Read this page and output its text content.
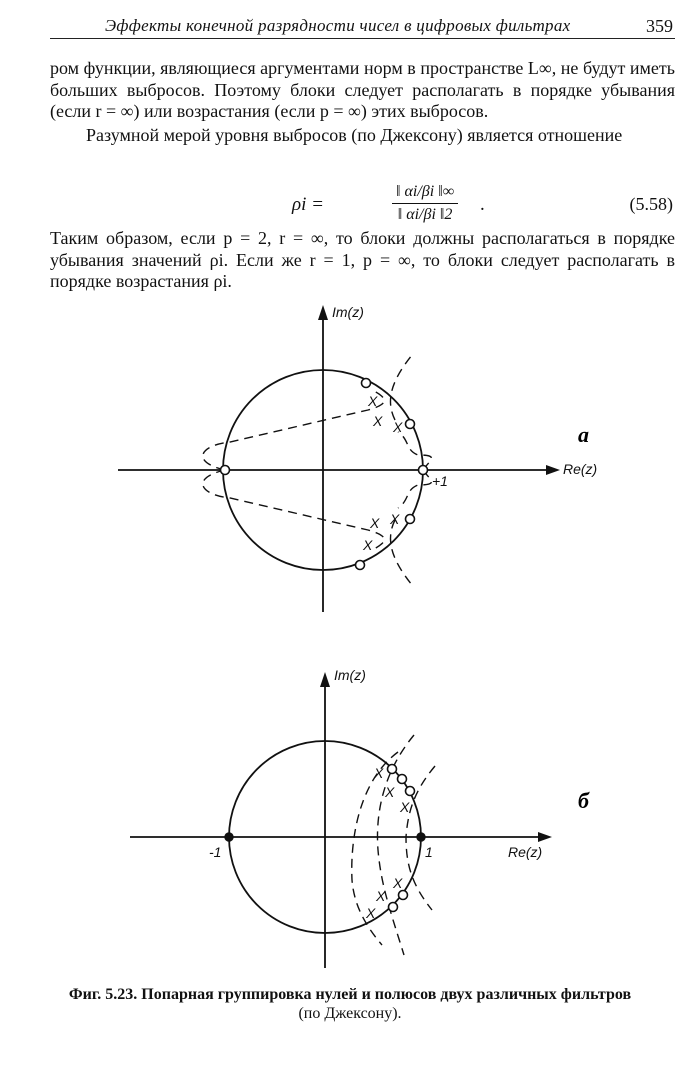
Эффекты конечной разрядности чисел в цифровых фильтрах	359

ром функции, являющиеся аргументами норм в пространстве L∞, не будут иметь больших выбросов. Поэтому блоки следует располагать в порядке убывания (если r = ∞) или возрастания (если p = ∞) этих выбросов.

Разумной мерой уровня выбросов (по Джексону) является отношение

ρi =	$\frac{‖ \alpha i/\beta i ‖\infty}{‖ \alpha i/\beta i ‖2}$ .	(5.58)

Таким образом, если p = 2, r = ∞, то блоки должны располагаться в порядке убывания значений ρi. Если же r = 1, p = ∞, то блоки следует располагать в порядке возрастания ρi.

X
X X
X
X
X
Im(z)
Re(z)
+1
a
X
X
X
X
X
X
Im(z)
Re(z)
-1	1
б
Фиг. 5.23. Попарная группировка нулей и полюсов двух различных фильтров
(по Джексону).
